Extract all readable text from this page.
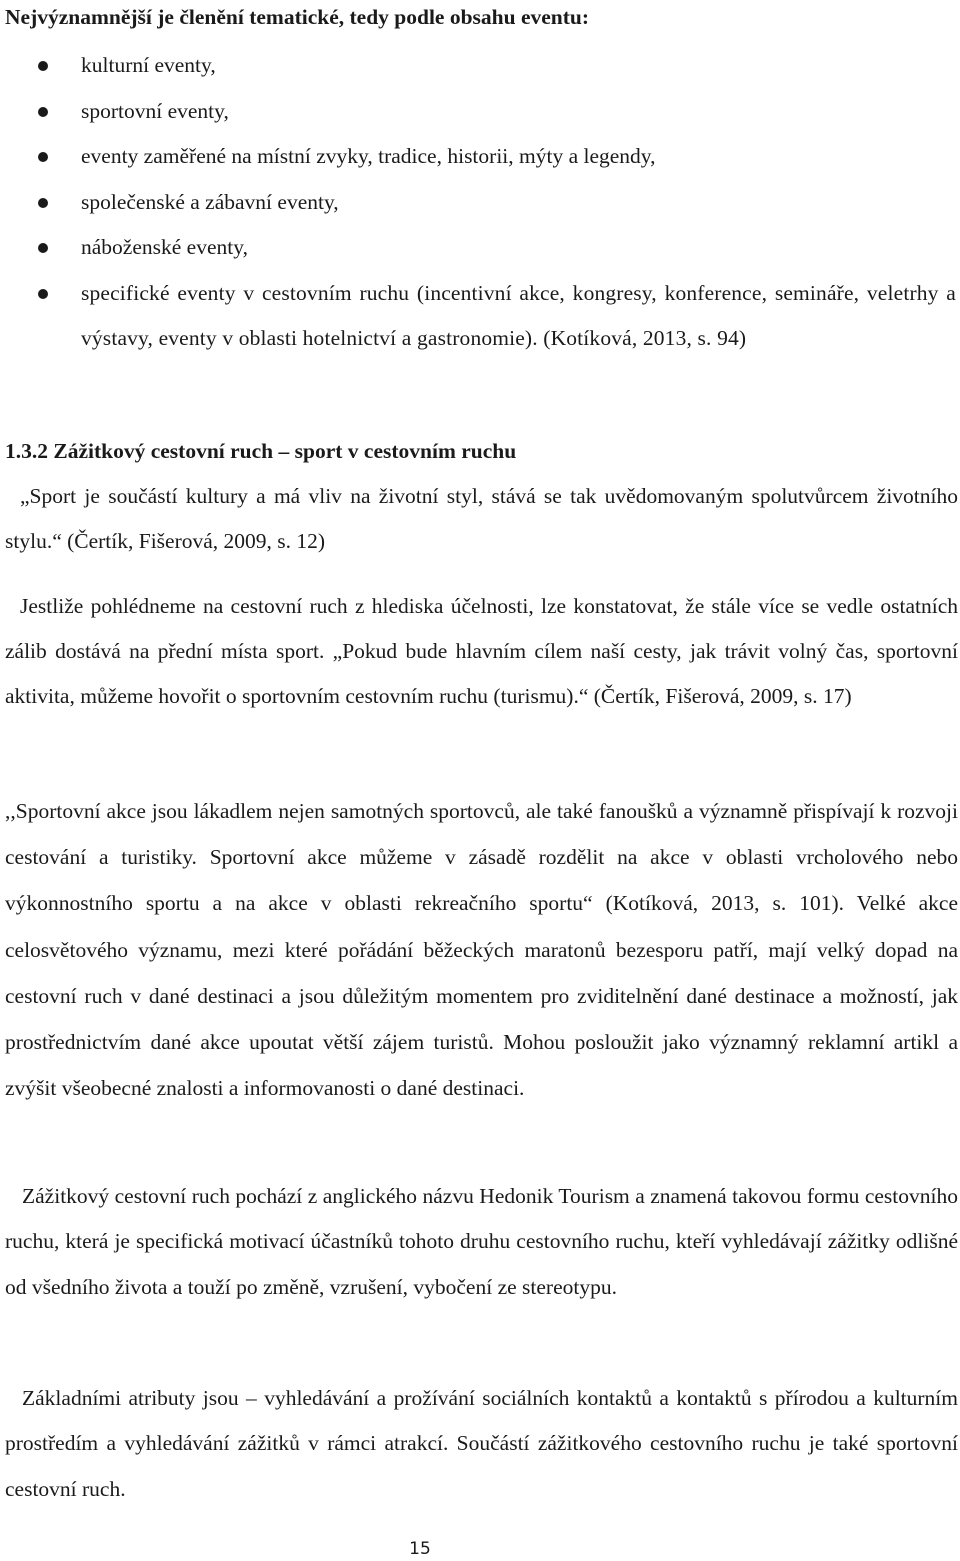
Nejvýznamnější je členění tematické, tedy podle obsahu eventu:
kulturní eventy,
sportovní eventy,
eventy zaměřené na místní zvyky, tradice, historii, mýty a legendy,
společenské a zábavní eventy,
náboženské eventy,
specifické eventy v cestovním ruchu (incentivní akce, kongresy, konference, semináře, veletrhy a výstavy, eventy v oblasti hotelnictví a gastronomie). (Kotíková, 2013, s. 94)
1.3.2 Zážitkový cestovní ruch – sport v cestovním ruchu

„Sport je součástí kultury a má vliv na životní styl, stává se tak uvědomovaným spolutvůrcem životního stylu.“ (Čertík, Fišerová, 2009, s. 12)

Jestliže pohlédneme na cestovní ruch z hlediska účelnosti, lze konstatovat, že stále více se vedle ostatních zálib dostává na přední místa sport. „Pokud bude hlavním cílem naší cesty, jak trávit volný čas, sportovní aktivita, můžeme hovořit o sportovním cestovním ruchu (turismu).“ (Čertík, Fišerová, 2009, s. 17)

,,Sportovní akce jsou lákadlem nejen samotných sportovců, ale také fanoušků a významně přispívají k rozvoji cestování a turistiky. Sportovní akce můžeme v zásadě rozdělit na akce v oblasti vrcholového nebo výkonnostního sportu a na akce v oblasti rekreačního sportu“ (Kotíková, 2013, s. 101). Velké akce celosvětového významu, mezi které pořádání běžeckých maratonů bezesporu patří, mají velký dopad na cestovní ruch v dané destinaci a jsou důležitým momentem pro zviditelnění dané destinace a možností, jak prostřednictvím dané akce upoutat větší zájem turistů. Mohou posloužit jako významný reklamní artikl a zvýšit všeobecné znalosti a informovanosti o dané destinaci.

Zážitkový cestovní ruch pochází z anglického názvu Hedonik Tourism a znamená takovou formu cestovního ruchu, která je specifická motivací účastníků tohoto druhu cestovního ruchu, kteří vyhledávají zážitky odlišné od všedního života a touží po změně, vzrušení, vybočení ze stereotypu.

Základními atributy jsou – vyhledávání a prožívání sociálních kontaktů a kontaktů s přírodou a kulturním prostředím a vyhledávání zážitků v rámci atrakcí. Součástí zážitkového cestovního ruchu je také sportovní cestovní ruch.

15
